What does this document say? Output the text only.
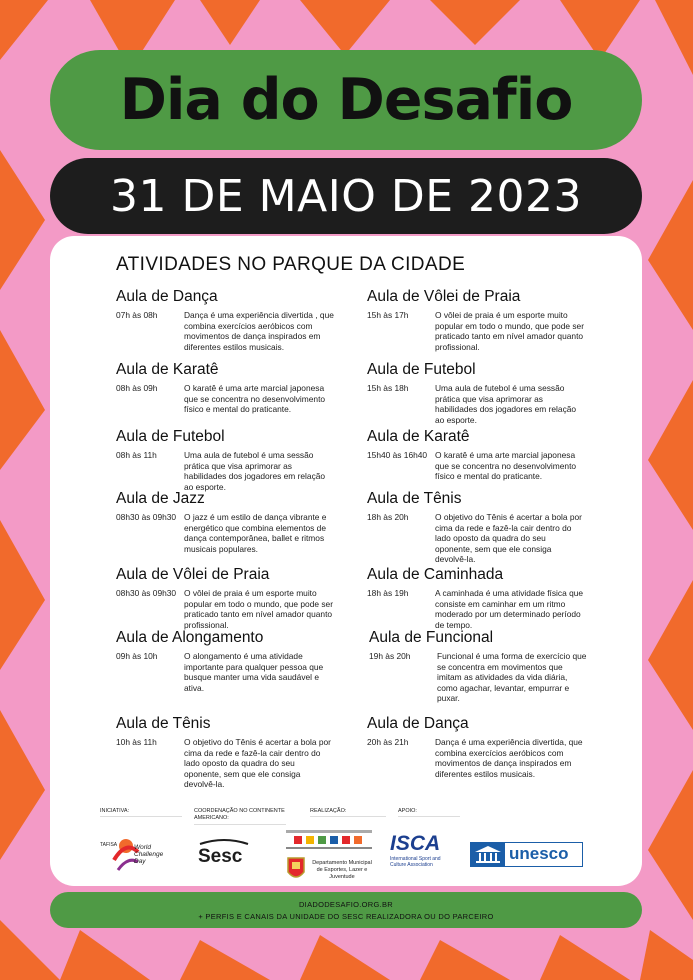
Dia do Desafio
31 DE MAIO DE 2023
ATIVIDADES NO PARQUE DA CIDADE
Aula de Dança
07h às 08h	Dança é uma experiência divertida , que combina exercícios aeróbicos com movimentos de dança inspirados em diferentes estilos musicais.
Aula de Karatê
08h às 09h	O karatê é uma arte marcial japonesa que se concentra no desenvolvimento físico e mental do praticante.
Aula de Futebol
08h às 11h	Uma aula de futebol é uma sessão prática que visa aprimorar as habilidades dos jogadores em relação ao esporte.
Aula de Jazz
08h30 às 09h30 O jazz é um estilo de dança vibrante e energético que combina elementos de dança contemporânea, ballet e ritmos musicais populares.
Aula de Vôlei de Praia
08h30 às 09h30 O vôlei de praia é um esporte muito popular em todo o mundo, que pode ser praticado tanto em nível amador quanto profissional.
Aula de Alongamento
09h às 10h	O alongamento é uma atividade importante para qualquer pessoa que busque manter uma vida saudável e ativa.
Aula de Tênis
10h às 11h	O objetivo do Tênis é acertar a bola por cima da rede e fazê-la cair dentro do lado oposto da quadra do seu oponente, sem que ele consiga devolvê-la.
Aula de Vôlei de Praia
15h às 17h	O vôlei de praia é um esporte muito popular em todo o mundo, que pode ser praticado tanto em nível amador quanto profissional.
Aula de Futebol
15h às 18h	Uma aula de futebol é uma sessão prática que visa aprimorar as habilidades dos jogadores em relação ao esporte.
Aula de Karatê
15h40 às 16h40 O karatê é uma arte marcial japonesa que se concentra no desenvolvimento físico e mental do praticante.
Aula de Tênis
18h às 20h	O objetivo do Tênis é acertar a bola por cima da rede e fazê-la cair dentro do lado oposto da quadra do seu oponente, sem que ele consiga devolvê-la.
Aula de Caminhada
18h às 19h	A caminhada é uma atividade física que consiste em caminhar em um ritmo moderado por um determinado período de tempo.
Aula de Funcional
19h às 20h	Funcional é uma forma de exercício que se concentra em movimentos que imitam as atividades da vida diária, como agachar, levantar, empurrar e puxar.
Aula de Dança
20h às 21h	Dança é uma experiência divertida, que combina exercícios aeróbicos com movimentos de dança inspirados em diferentes estilos musicais.
INICIATIVA:	COORDENAÇÃO NO CONTINENTE AMERICANO:
REALIZAÇÃO:	APOIO:
TAFISA	World Challenge Day	Sesc	Departamento Municipal de Esportes, Lazer e Juventude
ISCA
International Sport and Culture Association
unesco
DIADODESAFIO.ORG.BR
+ PERFIS E CANAIS DA UNIDADE DO SESC REALIZADORA OU DO PARCEIRO
